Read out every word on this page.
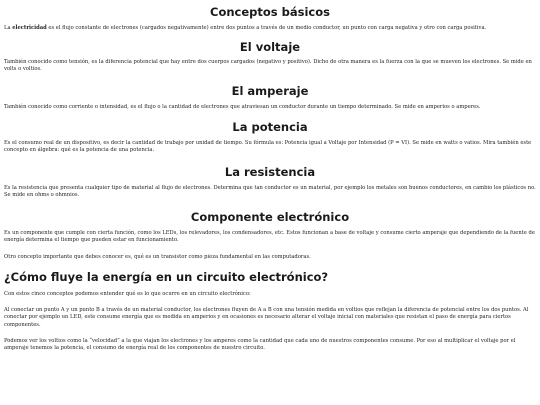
Conceptos básicos

La electricidad es el flujo constante de electrones (cargados negativamente) entre dos puntos a través de un medio conductor, un punto con carga negativa y otro con carga positiva.

El voltaje

También conocido como tensión, es la diferencia potencial que hay entre dos cuerpos cargados (negativo y positivo). Dicho de otra manera es la fuerza con la que se mueven los electrones. Se mide en volts o voltios.

El amperaje

También conocido como corriente o intensidad, es el flujo o la cantidad de electrones que atraviesan un conductor durante un tiempo determinado. Se mide en amperios o amperes.

La potencia

Es el consumo real de un dispositivo, es decir la cantidad de trabajo por unidad de tiempo. Su fórmula es: Potencia igual a Voltaje por Intensidad (P = VI). Se mide en watts o vatios. Mira también este concepto en álgebra: qué es la potencia de una potencia.

La resistencia

Es la resistencia que presenta cualquier tipo de material al flujo de electrones. Determina que tan conductor es un material, por ejemplo los metales son buenos conductores, en cambio los plásticos no. Se mide en ohms o ohmnios.

Componente electrónico

Es un componente que cumple con cierta función, como los LEDs, los relevadores, los condensadores, etc. Estos funcionan a base de voltaje y consume cierto amperaje que dependiendo de la fuente de energía determina el tiempo que pueden estar en funcionamiento.

Otro concepto importante que debes conocer es, qué es un transistor como pieza fundamental en las computadoras.

¿Cómo fluye la energía en un circuito electrónico?

Con estos cinco conceptos podemos entender qué es lo que ocurre en un circuito electrónico:

Al conectar un punto A y un punto B a través de un material conductor, los electrones fluyen de A a B con una tensión medida en voltios que reflejan la diferencia de potencial entre los dos puntos. Al conectar por ejemplo un LED, este consume energía que es medida en amperios y en ocasiones es necesario alterar el voltaje inicial con materiales que resistan el paso de energía para ciertos componentes.

Podemos ver los voltios como la “velocidad” a la que viajan los electrones y los amperes como la cantidad que cada uno de nuestros componentes consume. Por eso al multiplicar el voltaje por el amperaje tenemos la potencia, el consumo de energía real de los componentes de nuestro circuito.
